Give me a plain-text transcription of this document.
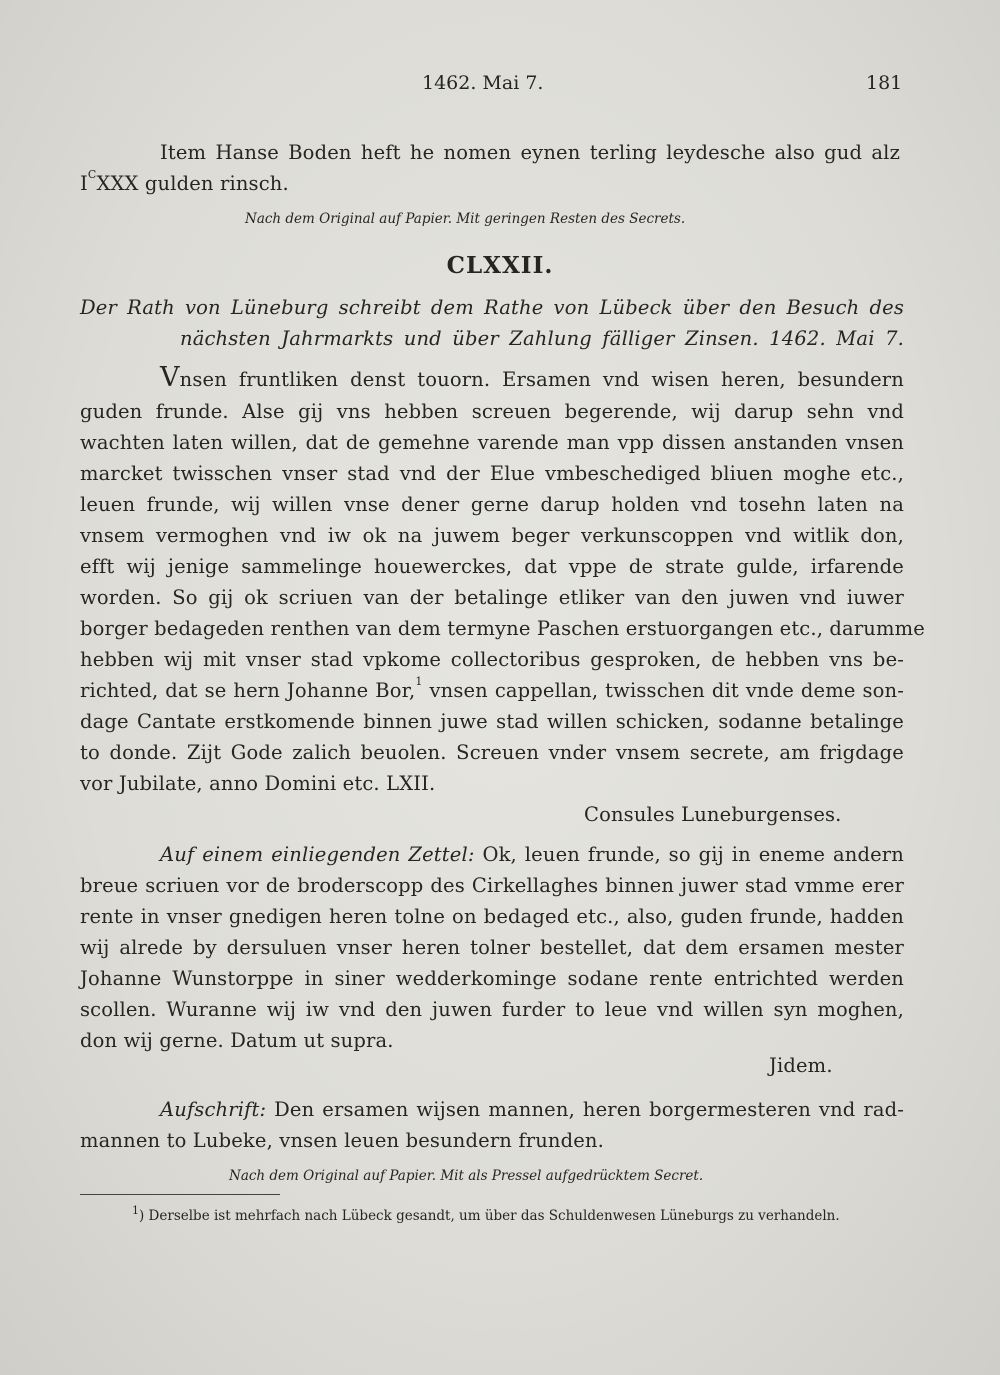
1462. Mai 7.	181
Item Hanse Boden heft he nomen eynen terling leydesche also gud alz
$I^CXXX$ gulden rinsch.
Nach dem Original auf Papier. Mit geringen Resten des Secrets.
CLXXII.
Der Rath von Lüneburg schreibt dem Rathe von Lübeck über den Besuch des
nächsten Jahrmarkts und über Zahlung fälliger Zinsen. 1462. Mai 7.
Vnsen fruntliken denst touorn. Ersamen vnd wisen heren, besundern
guden frunde. Alse gij vns hebben screuen begerende, wij darup sehn vnd
wachten laten willen, dat de gemehne varende man vpp dissen anstanden vnsen
marcket twisschen vnser stad vnd der Elue vmbeschediged bliuen moghe etc.,
leuen frunde, wij willen vnse dener gerne darup holden vnd tosehn laten na
vnsem vermoghen vnd iw ok na juwem beger verkunscoppen vnd witlik don,
efft wij jenige sammelinge houewerckes, dat vppe de strate gulde, irfarende
worden. So gij ok scriuen van der betalinge etliker van den juwen vnd iuwer
borger bedageden renthen van dem termyne Paschen erstuorgangen etc., darumme
hebben wij mit vnser stad vpkome collectoribus gesproken, de hebben vns be-
richted, dat se hern Johanne Bor,$^1$ vnsen cappellan, twisschen dit vnde deme son-
dage Cantate erstkomende binnen juwe stad willen schicken, sodanne betalinge
to donde. Zijt Gode zalich beuolen. Screuen vnder vnsem secrete, am frigdage
vor Jubilate, anno Domini etc. LXII.
Consules Luneburgenses.
Auf einem einliegenden Zettel: Ok, leuen frunde, so gij in eneme andern
breue scriuen vor de broderscopp des Cirkellaghes binnen juwer stad vmme erer
rente in vnser gnedigen heren tolne on bedaged etc., also, guden frunde, hadden
wij alrede by dersuluen vnser heren tolner bestellet, dat dem ersamen mester
Johanne Wunstorppe in siner wedderkominge sodane rente entrichted werden
scollen. Wuranne wij iw vnd den juwen furder to leue vnd willen syn moghen,
don wij gerne. Datum ut supra.
Jidem.
Aufschrift: Den ersamen wijsen mannen, heren borgermesteren vnd rad-
mannen to Lubeke, vnsen leuen besundern frunden.
Nach dem Original auf Papier. Mit als Pressel aufgedrücktem Secret.
$^1$) Derselbe ist mehrfach nach Lübeck gesandt, um über das Schuldenwesen Lüneburgs zu verhandeln.
